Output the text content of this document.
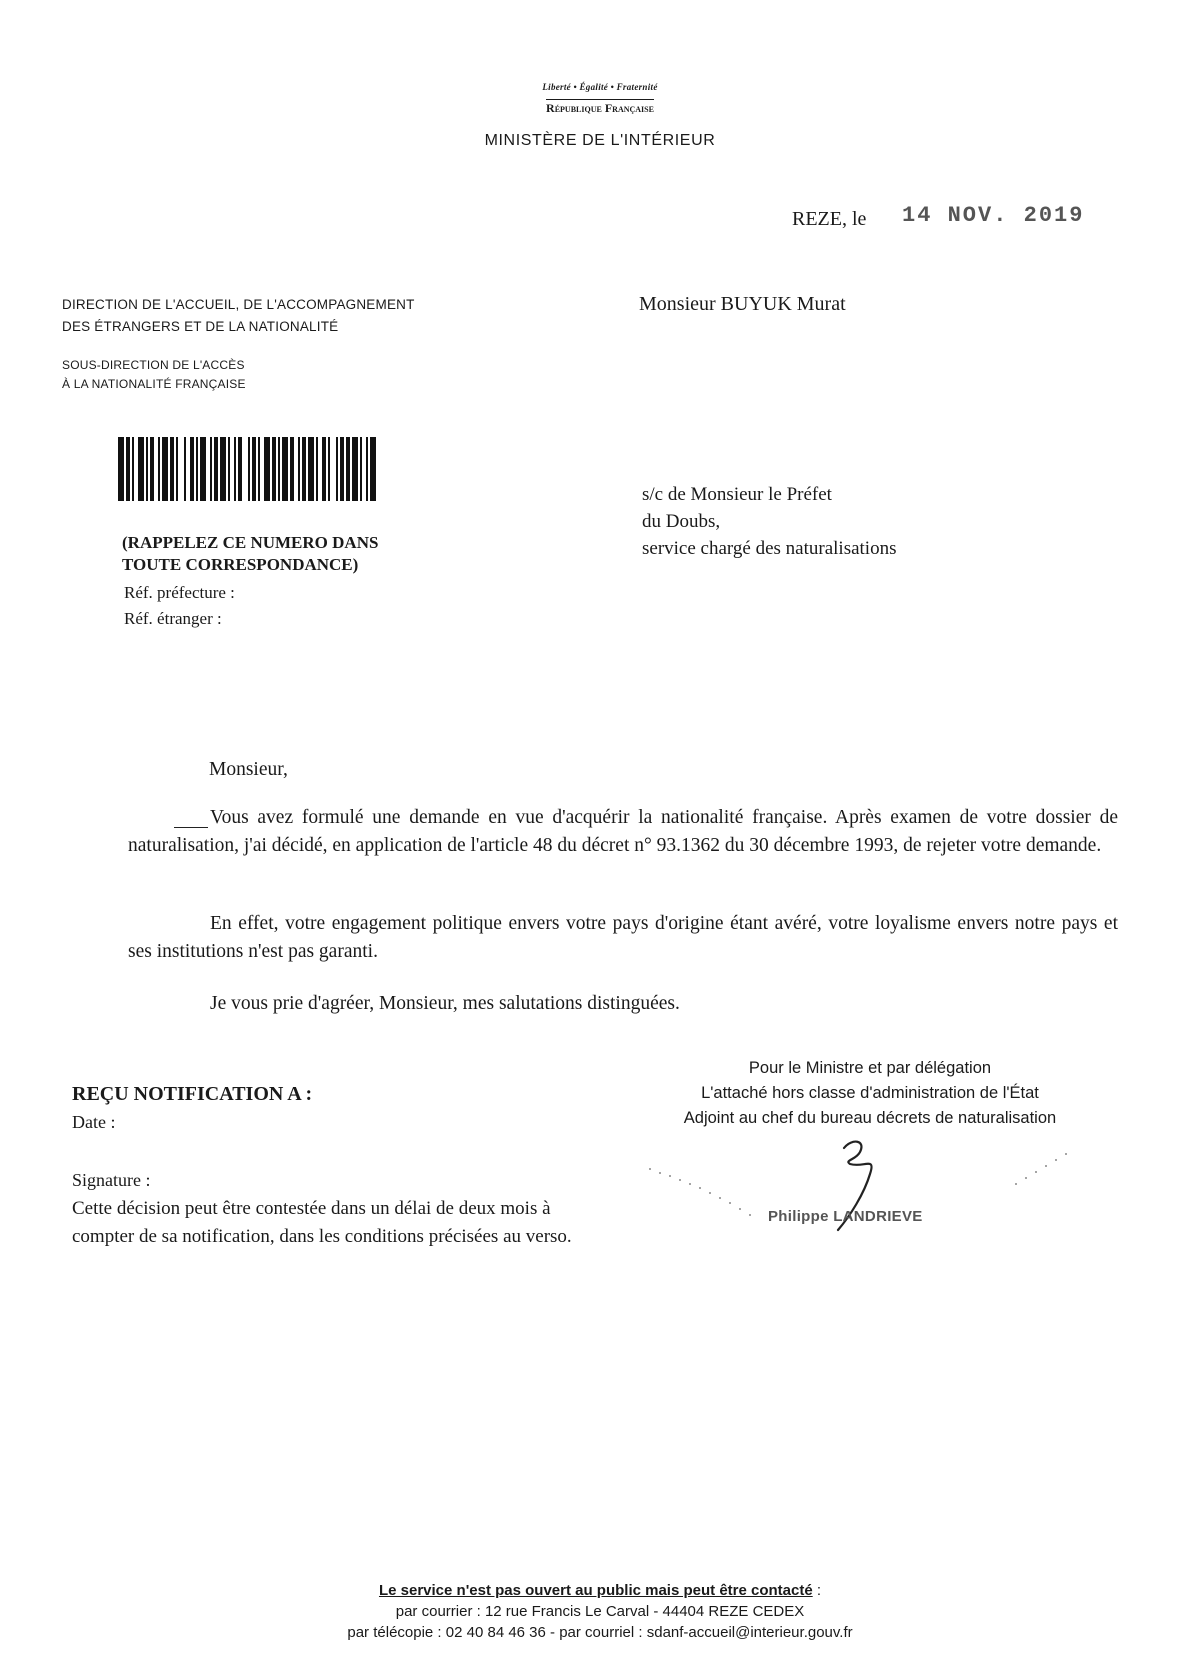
Liberté • Égalité • Fraternité
République Française
MINISTÈRE DE L'INTÉRIEUR
REZE, le 14 NOV. 2019
DIRECTION DE L'ACCUEIL, DE L'ACCOMPAGNEMENT
DES ÉTRANGERS ET DE LA NATIONALITÉ
SOUS-DIRECTION DE L'ACCÈS
À LA NATIONALITÉ FRANÇAISE
(RAPPELEZ CE NUMERO DANS
TOUTE CORRESPONDANCE)
Réf. préfecture :
Réf. étranger :
Monsieur BUYUK Murat
s/c de Monsieur le Préfet
du Doubs,
service chargé des naturalisations
Monsieur,
Vous avez formulé une demande en vue d'acquérir la nationalité française. Après examen de votre dossier de naturalisation, j'ai décidé, en application de l'article 48 du décret n° 93.1362 du 30 décembre 1993, de rejeter votre demande.
En effet, votre engagement politique envers votre pays d'origine étant avéré, votre loyalisme envers notre pays et ses institutions n'est pas garanti.
Je vous prie d'agréer, Monsieur, mes salutations distinguées.
REÇU NOTIFICATION A :
Date :
Signature :
Cette décision peut être contestée dans un délai de deux mois à compter de sa notification, dans les conditions précisées au verso.
Pour le Ministre et par délégation
L'attaché hors classe d'administration de l'État
Adjoint au chef du bureau décrets de naturalisation
Philippe LANDRIEVE
Le service n'est pas ouvert au public mais peut être contacté :
par courrier : 12 rue Francis Le Carval - 44404 REZE CEDEX
par télécopie : 02 40 84 46 36 - par courriel : sdanf-accueil@interieur.gouv.fr
